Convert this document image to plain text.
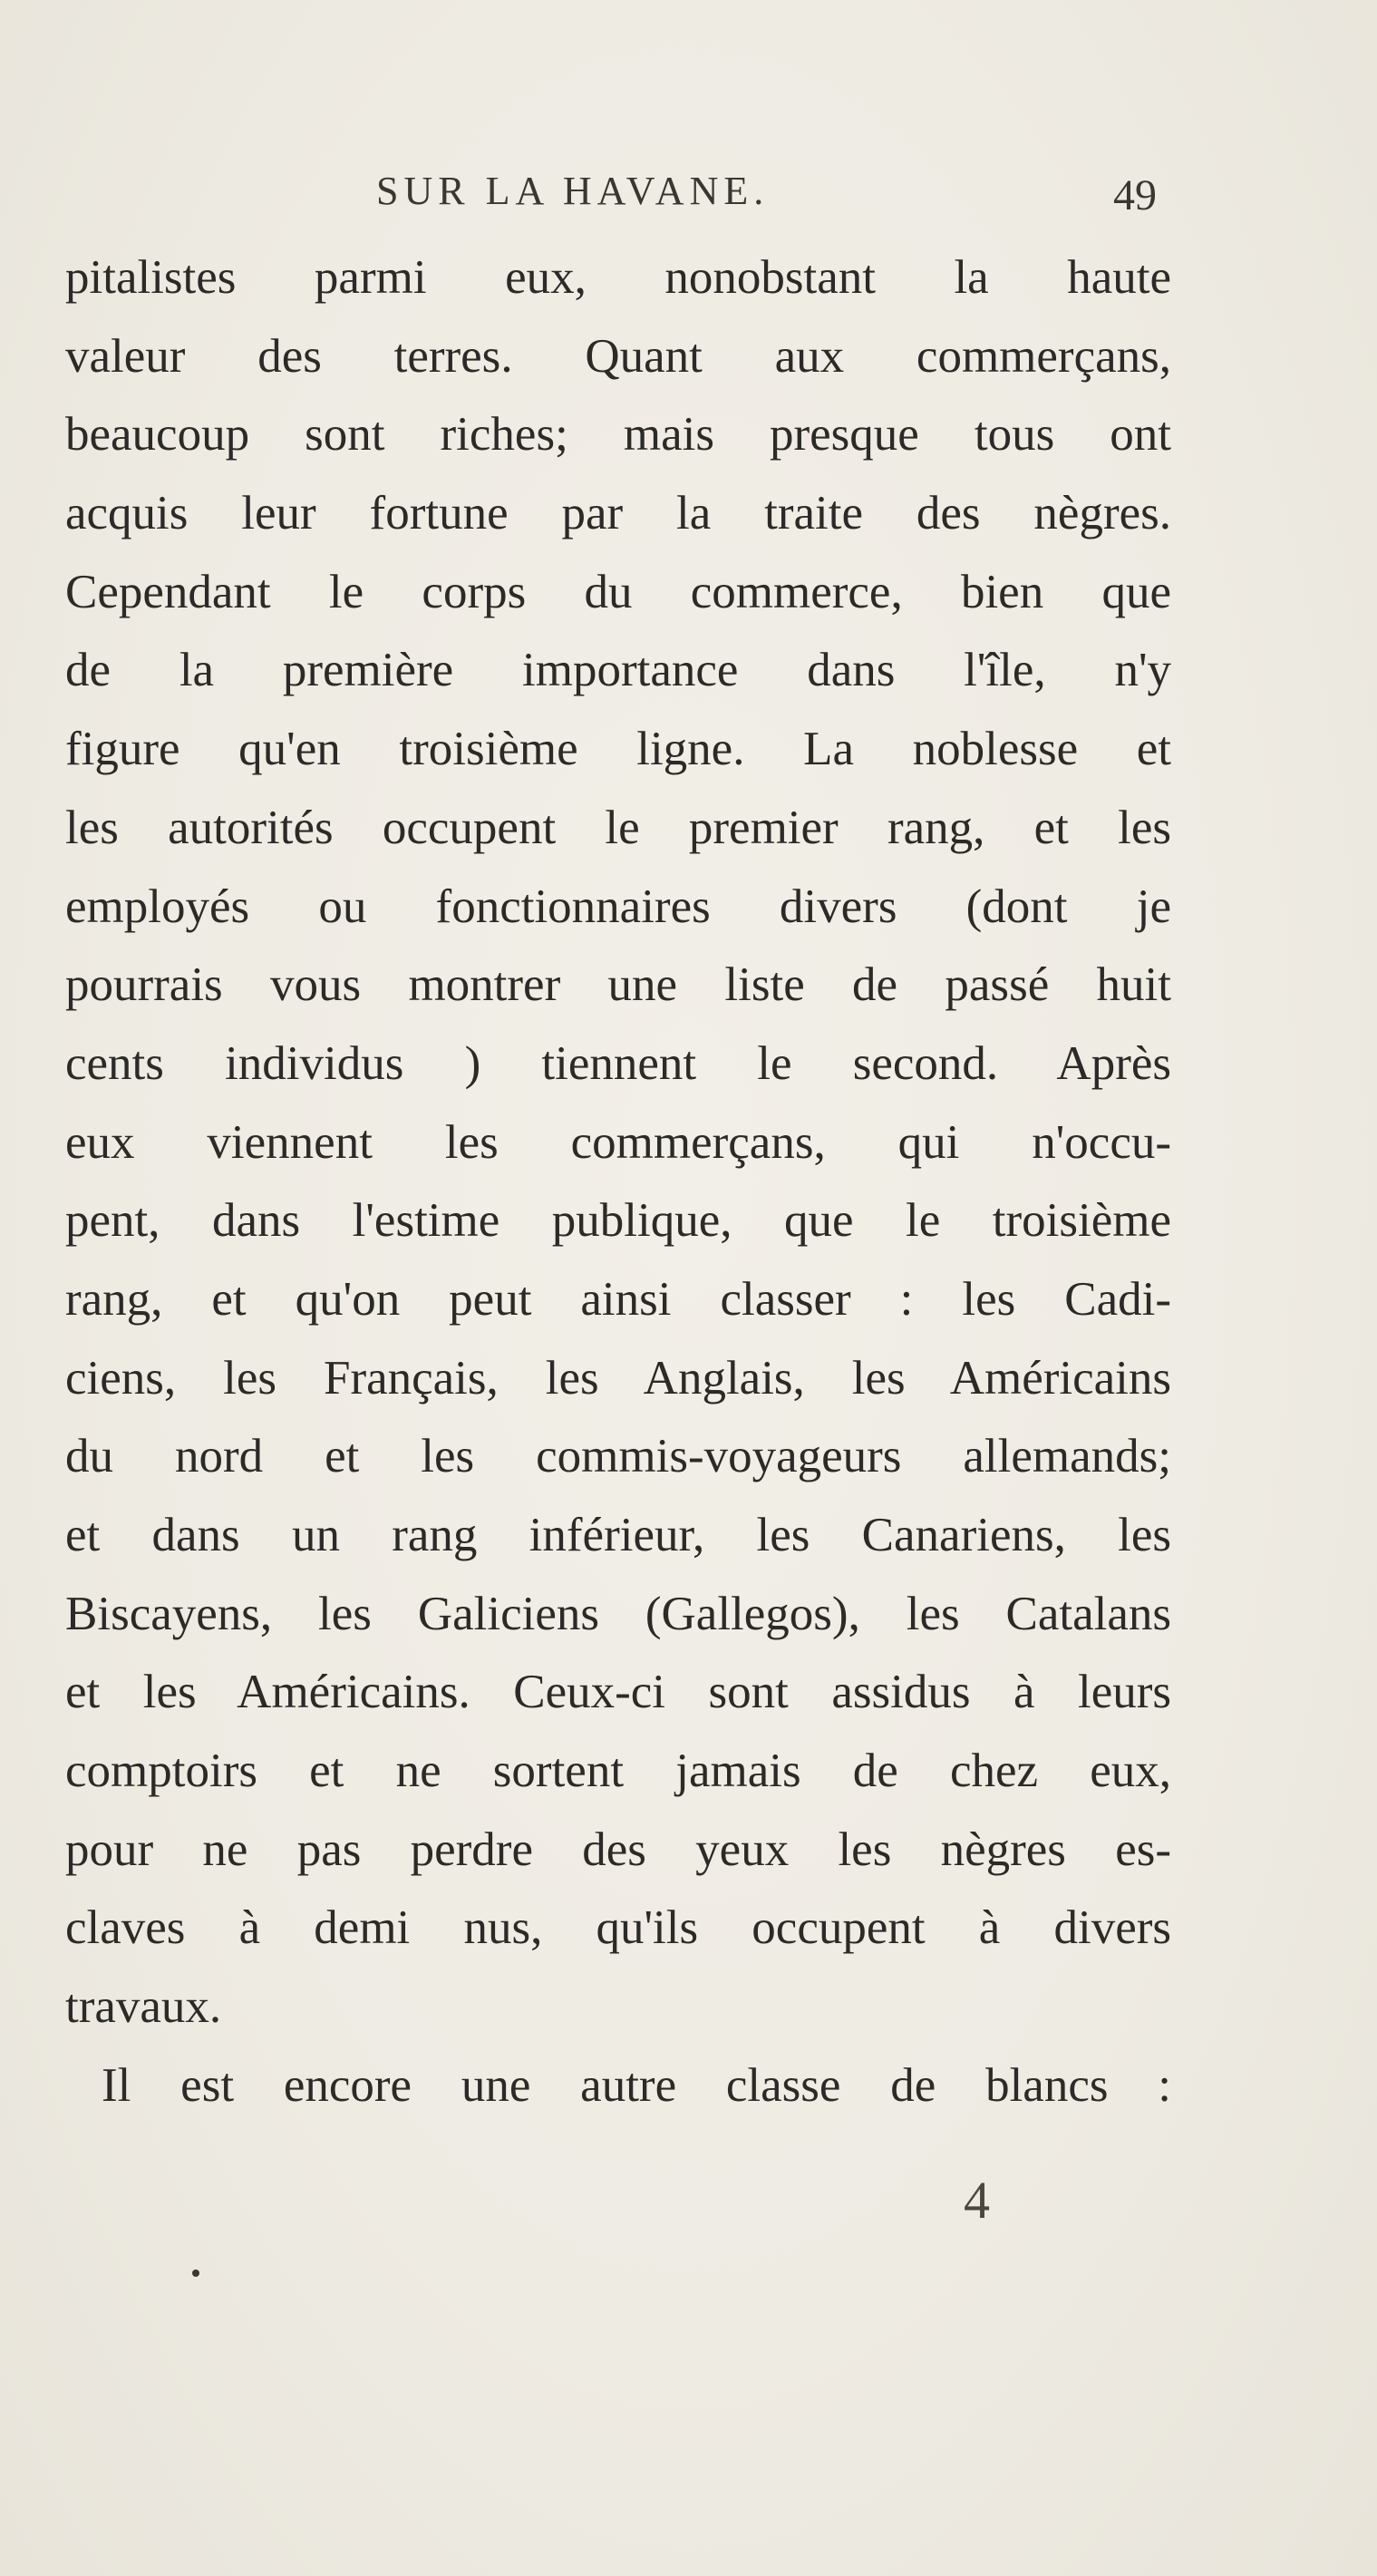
SUR LA HAVANE.	49
pitalistes parmi eux, nonobstant la haute
valeur des terres. Quant aux commerçans,
beaucoup sont riches; mais presque tous ont
acquis leur fortune par la traite des nègres.
Cependant le corps du commerce, bien que
de la première importance dans l'île, n'y
figure qu'en troisième ligne. La noblesse et
les autorités occupent le premier rang, et les
employés ou fonctionnaires divers (dont je
pourrais vous montrer une liste de passé huit
cents individus ) tiennent le second. Après
eux viennent les commerçans, qui n'occu-
pent, dans l'estime publique, que le troisième
rang, et qu'on peut ainsi classer : les Cadi-
ciens, les Français, les Anglais, les Américains
du nord et les commis-voyageurs allemands;
et dans un rang inférieur, les Canariens, les
Biscayens, les Galiciens (Gallegos), les Catalans
et les Américains. Ceux-ci sont assidus à leurs
comptoirs et ne sortent jamais de chez eux,
pour ne pas perdre des yeux les nègres es-
claves à demi nus, qu'ils occupent à divers
travaux.
Il est encore une autre classe de blancs :
4
